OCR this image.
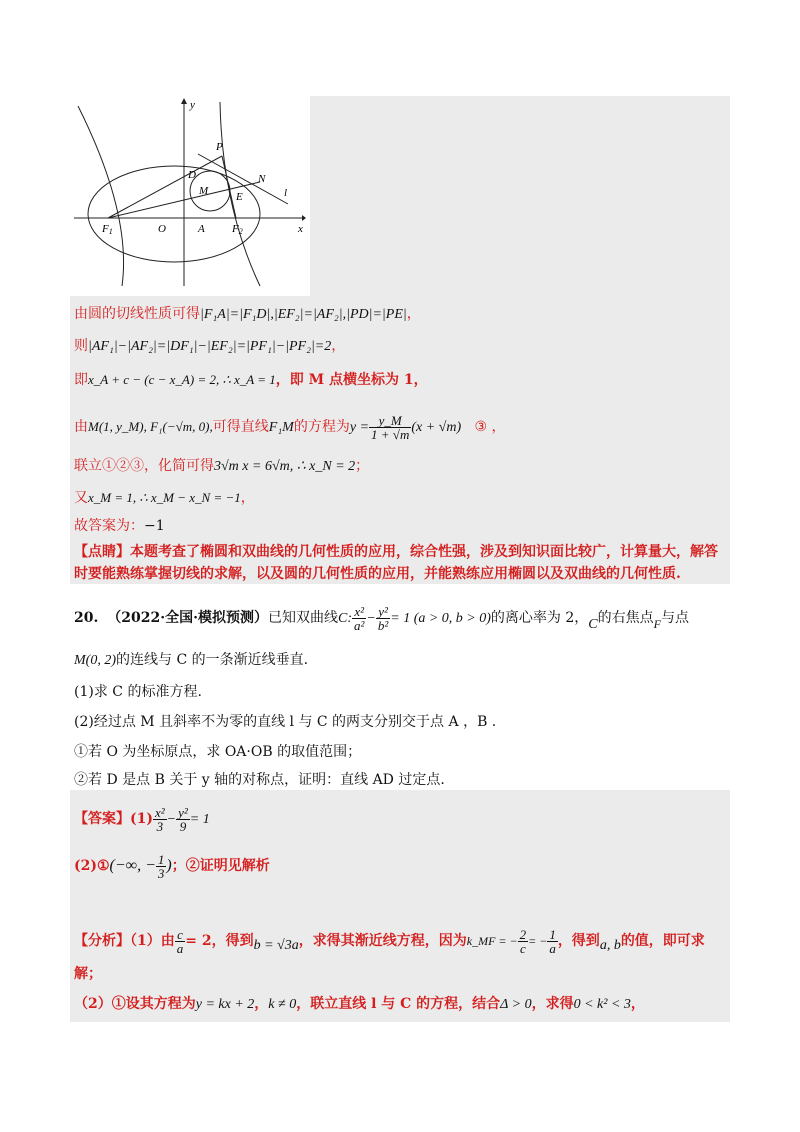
y
x
P
D
M
N
E	l
F1	O	A F2
由圆的切线性质可得|F₁A|=|F₁D|,|EF₂|=|AF₂|,|PD|=|PE|，
则|AF₁|−|AF₂|=|DF₁|−|EF₂|=|PF₁|−|PF₂|=2，
即x_A + c − (c − x_A) = 2, ∴ x_A = 1，即 M 点横坐标为 1，
由M(1, y_M), F₁(−√m, 0),可得直线F₁M的方程为$y = \frac{y\_M}{1 + √m} (x + √m)$ ③ ，
联立①②③，化简可得3√m x = 6√m, ∴ x_N = 2；
又x_M = 1, ∴ x_M − x_N = −1，
故答案为：−1
【点睛】本题考查了椭圆和双曲线的几何性质的应用，综合性强，涉及到知识面比较广，计算量大，解答
时要能熟练掌握切线的求解，以及圆的几何性质的应用，并能熟练应用椭圆以及双曲线的几何性质.
20. （2022·全国·模拟预测）已知双曲线C: $\frac{\text{x²}}{\text{a²}} - \frac{\text{y²}}{\text{b²}} = 1$ (a > 0, b > 0)的离心率为 2，C的右焦点F与点
M(0, 2)的连线与 C 的一条渐近线垂直.
(1)求 C 的标准方程.
(2)经过点 M 且斜率不为零的直线 l 与 C 的两支分别交于点 A ，B .
①若 O 为坐标原点，求 OA·OB 的取值范围；
②若 D 是点 B 关于 y 轴的对称点，证明：直线 AD 过定点.
【答案】$(1) \frac{\text{x²}}{3} - \frac{\text{y²}}{9} = 1$
(2)①(−∞, − $\frac{1}{3}$ )；②证明见解析
【分析】（1）由 $\frac{c}{a} = 2$，得到b = √3a，求得其渐近线方程，因为k_MF = − $\frac{2}{c}$ = − $\frac{1}{a}$ ，得到a, b的值，即可求
解；
（2）①设其方程为y = kx + 2，k ≠ 0，联立直线 l 与 C 的方程，结合Δ > 0，求得0 < k² < 3，
